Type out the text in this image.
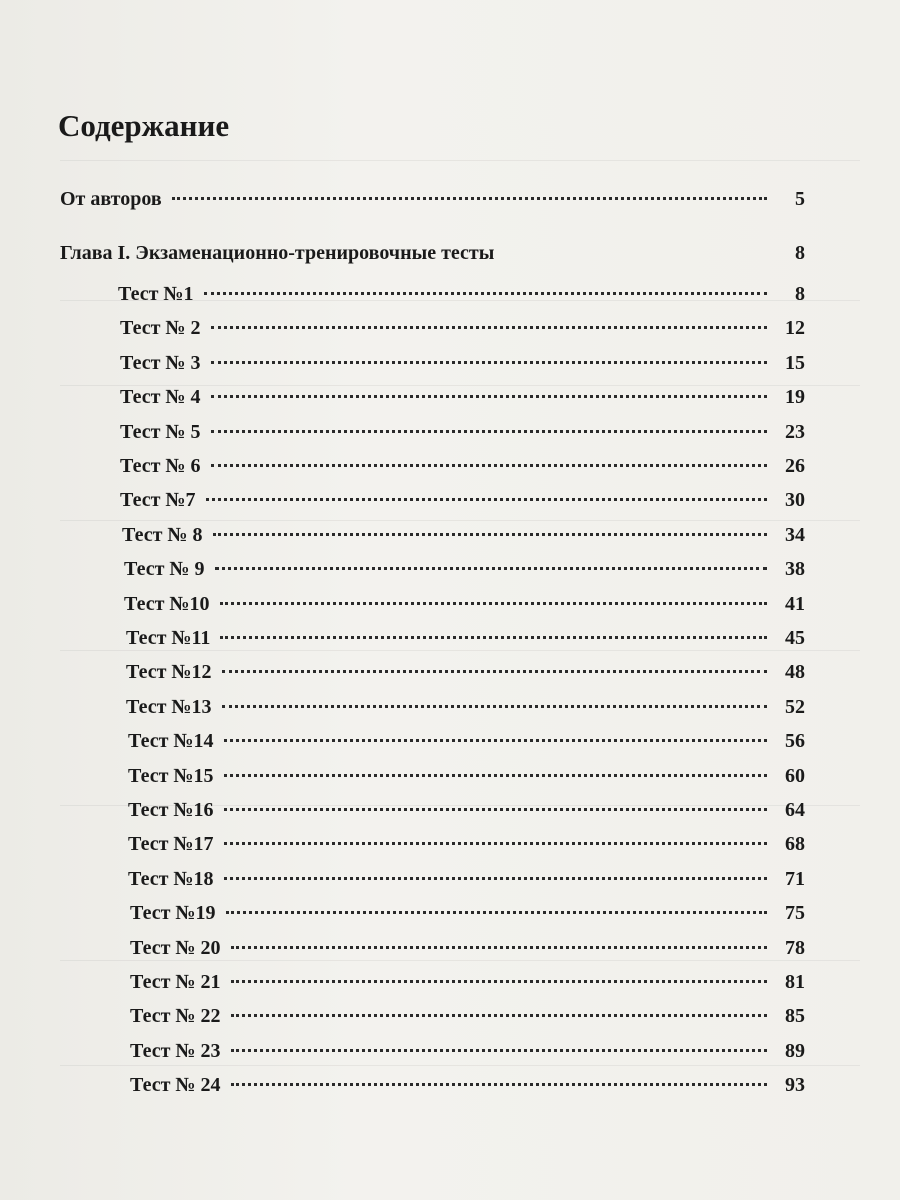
Содержание
От авторов	5
Глава I. Экзаменационно-тренировочные тесты	8
Тест №1	8
Тест № 2	12
Тест № 3	15
Тест № 4	19
Тест № 5	23
Тест № 6	26
Тест №7	30
Тест № 8	34
Тест № 9	38
Тест №10	41
Тест №11	45
Тест №12	48
Тест №13	52
Тест №14	56
Тест №15	60
Тест №16	64
Тест №17	68
Тест №18	71
Тест №19	75
Тест № 20	78
Тест № 21	81
Тест № 22	85
Тест № 23	89
Тест № 24	93
